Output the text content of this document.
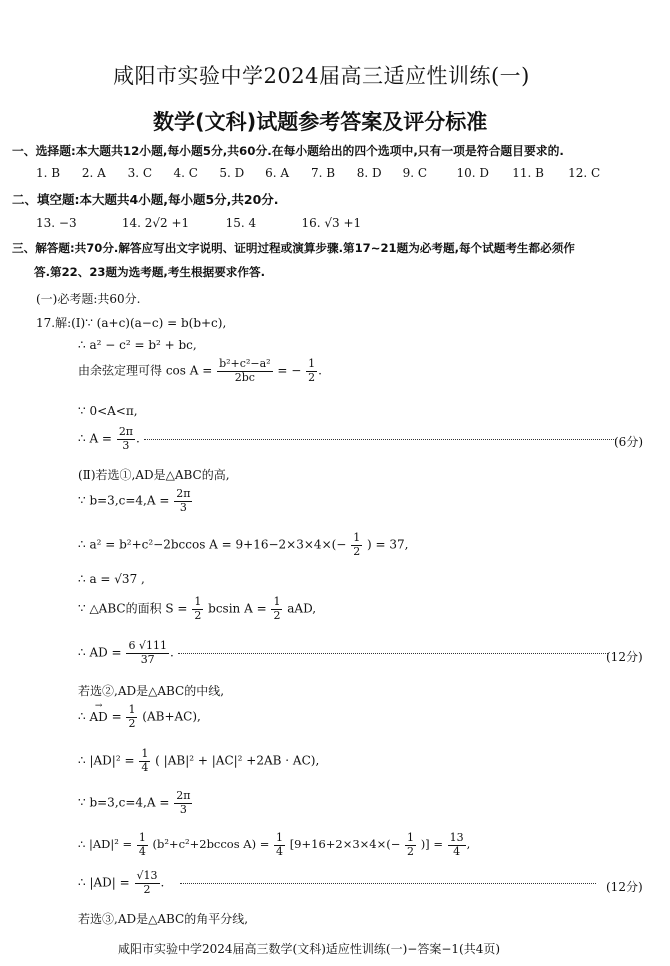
咸阳市实验中学2024届高三适应性训练(一)
数学(文科)试题参考答案及评分标准
一、选择题:本大题共12小题,每小题5分,共60分.在每小题给出的四个选项中,只有一项是符合题目要求的.
1. B 2. A 3. C 4. C 5. D 6. A 7. B 8. D 9. C 10. D 11. B 12. C
二、填空题:本大题共4小题,每小题5分,共20分.
13. −3	14. 2√2 +1	15. 4	16. √3 +1
三、解答题:共70分.解答应写出文字说明、证明过程或演算步骤.第17~21题为必考题,每个试题考生都必须作
答.第22、23题为选考题,考生根据要求作答.
(一)必考题:共60分.
17.解:(Ⅰ)∵ (a+c)(a−c) = b(b+c),
∴ a² − c² = b² + bc,
由余弦定理可得 $\cos A = \frac{\text{b²+c²−a²}}{2bc}$ = − $\frac{1}{2}$ .
∵ 0<A<π,
∴ $A = \frac{2\pi}{3}$ .	(6分)
(Ⅱ)若选①,AD是△ABC的高,
∵ $b=3,c=4,A = \frac{2\pi}{3}$
∴ a² = b²+c²−2bccos $A = 9+16-2\times 3\times 4\times(- \frac{1}{2}$ ) = 37,
∴ a = √37 ,
∵ △ABC的面积 $S = \frac{1}{2}$ bcsin $A = \frac{1}{2}$ aAD,
∴ AD = $\frac{6 √111}{37}$ .	(12分)
若选②,AD是△ABC的中线,
∴ → AD = $\frac{1}{2} (AB+AC)$,
∴ $|AD|^2 = \frac{1}{4}$ ( |AB|² + |AC|² +2AB · AC),
∵ $b=3,c=4,A = \frac{2\pi}{3}$
∴ $|AD|^2 = \frac{1}{4} (b^2+c^2+2bccos$ $A) = \frac{1}{4} [9+16+2\times 3\times 4\times(- \frac{1}{2}$ )] = $\frac{13}{4}$ ,
∴ $|AD| = \frac{√13}{2}$ .	(12分)
若选③,AD是△ABC的角平分线,
咸阳市实验中学2024届高三数学(文科)适应性训练(一)−答案−1(共4页)
